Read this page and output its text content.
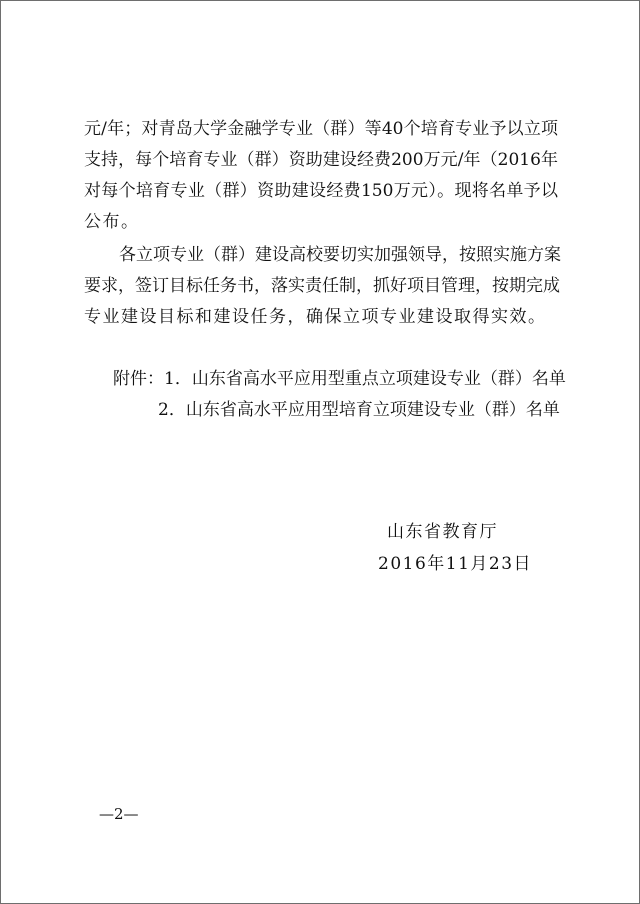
元/年；对青岛大学金融学专业（群）等40个培育专业予以立项
支持，每个培育专业（群）资助建设经费200万元/年（2016年
对每个培育专业（群）资助建设经费150万元）。现将名单予以
公布。
各立项专业（群）建设高校要切实加强领导，按照实施方案
要求，签订目标任务书，落实责任制，抓好项目管理，按期完成
专业建设目标和建设任务，确保立项专业建设取得实效。
附件：1．山东省高水平应用型重点立项建设专业（群）名单
2．山东省高水平应用型培育立项建设专业（群）名单
山东省教育厅
2016年11月23日
—2—
